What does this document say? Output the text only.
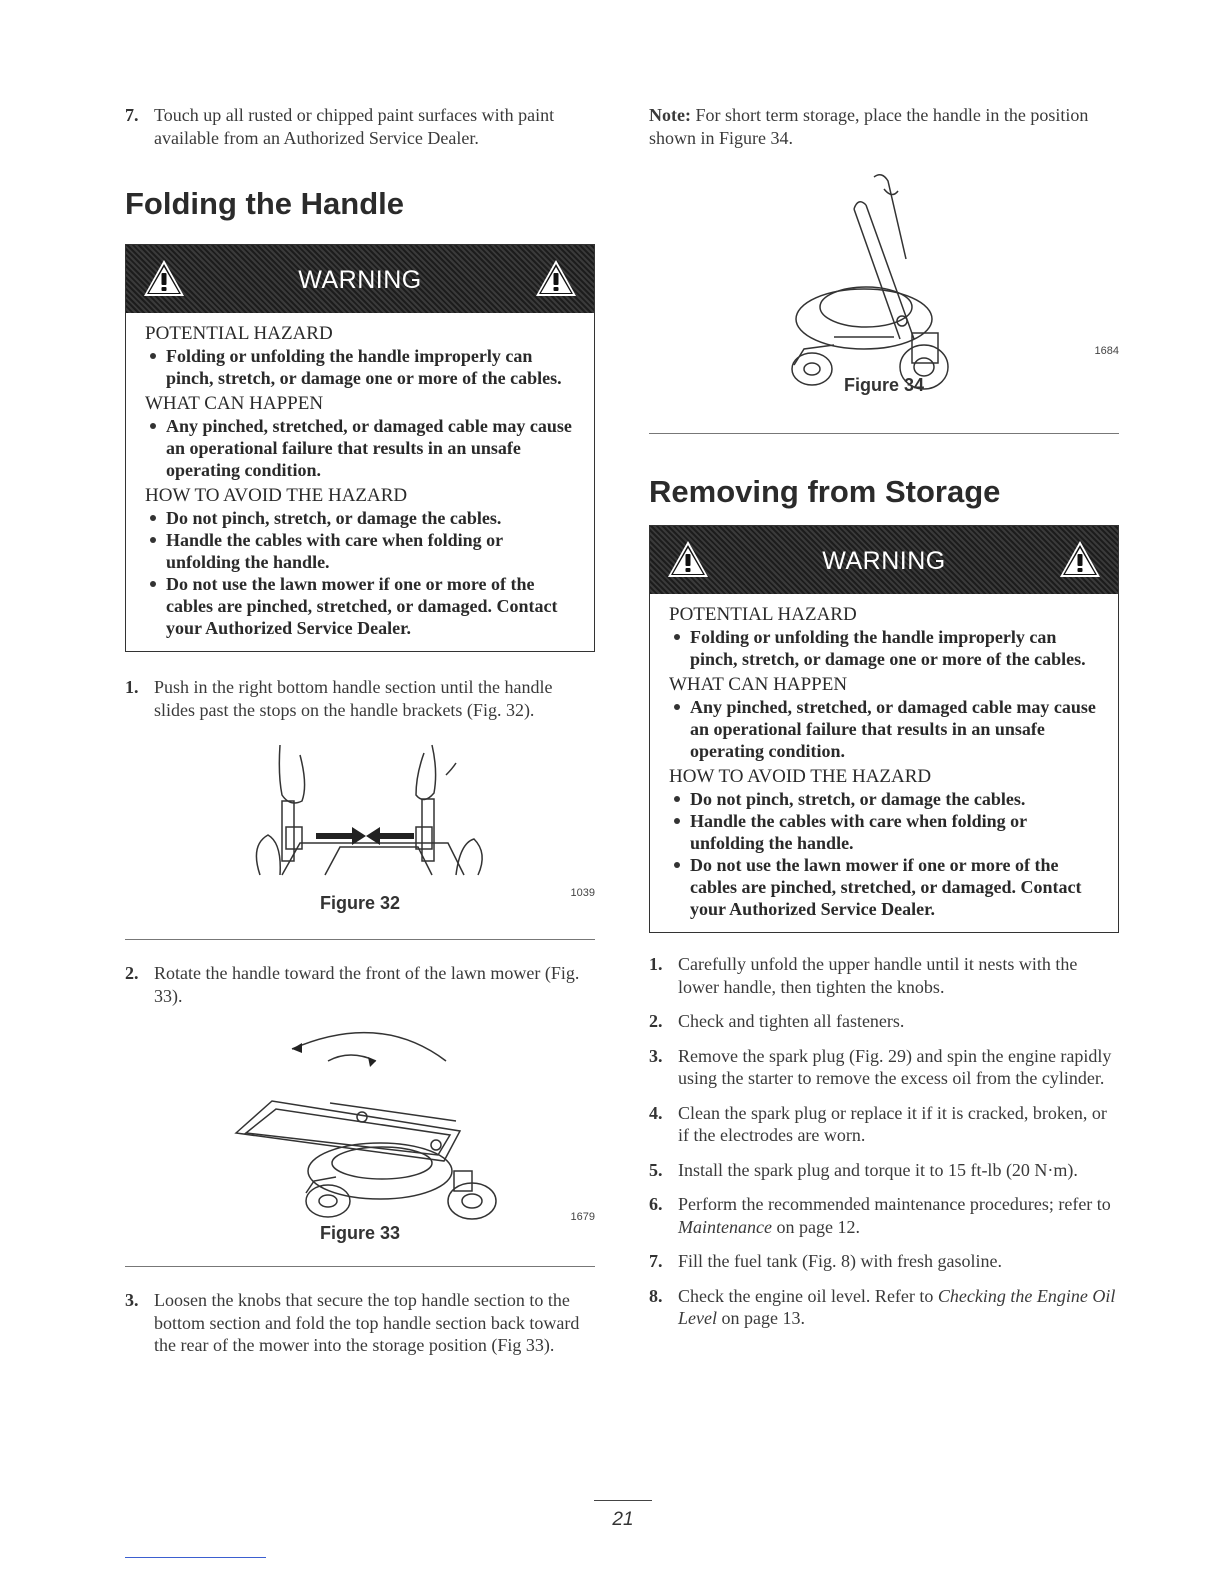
7. Touch up all rusted or chipped paint surfaces with paint available from an Authorized Service Dealer.
Folding the Handle
WARNING
POTENTIAL HAZARD
Folding or unfolding the handle improperly can pinch, stretch, or damage one or more of the cables.
WHAT CAN HAPPEN
Any pinched, stretched, or damaged cable may cause an operational failure that results in an unsafe operating condition.
HOW TO AVOID THE HAZARD
Do not pinch, stretch, or damage the cables.
Handle the cables with care when folding or unfolding the handle.
Do not use the lawn mower if one or more of the cables are pinched, stretched, or damaged. Contact your Authorized Service Dealer.
1. Push in the right bottom handle section until the handle slides past the stops on the handle brackets (Fig. 32).
1039
Figure 32
2. Rotate the handle toward the front of the lawn mower (Fig. 33).
1679
Figure 33
3. Loosen the knobs that secure the top handle section to the bottom section and fold the top handle section back toward the rear of the mower into the storage position (Fig 33).
Note: For short term storage, place the handle in the position shown in Figure 34.
1684
Figure 34
Removing from Storage
WARNING
POTENTIAL HAZARD
Folding or unfolding the handle improperly can pinch, stretch, or damage one or more of the cables.
WHAT CAN HAPPEN
Any pinched, stretched, or damaged cable may cause an operational failure that results in an unsafe operating condition.
HOW TO AVOID THE HAZARD
Do not pinch, stretch, or damage the cables.
Handle the cables with care when folding or unfolding the handle.
Do not use the lawn mower if one or more of the cables are pinched, stretched, or damaged. Contact your Authorized Service Dealer.
1. Carefully unfold the upper handle until it nests with the lower handle, then tighten the knobs.
2. Check and tighten all fasteners.
3. Remove the spark plug (Fig. 29) and spin the engine rapidly using the starter to remove the excess oil from the cylinder.
4. Clean the spark plug or replace it if it is cracked, broken, or if the electrodes are worn.
5. Install the spark plug and torque it to 15 ft-lb (20 N·m).
6. Perform the recommended maintenance procedures; refer to Maintenance on page 12.
7. Fill the fuel tank (Fig. 8) with fresh gasoline.
8. Check the engine oil level. Refer to Checking the Engine Oil Level on page 13.
21
